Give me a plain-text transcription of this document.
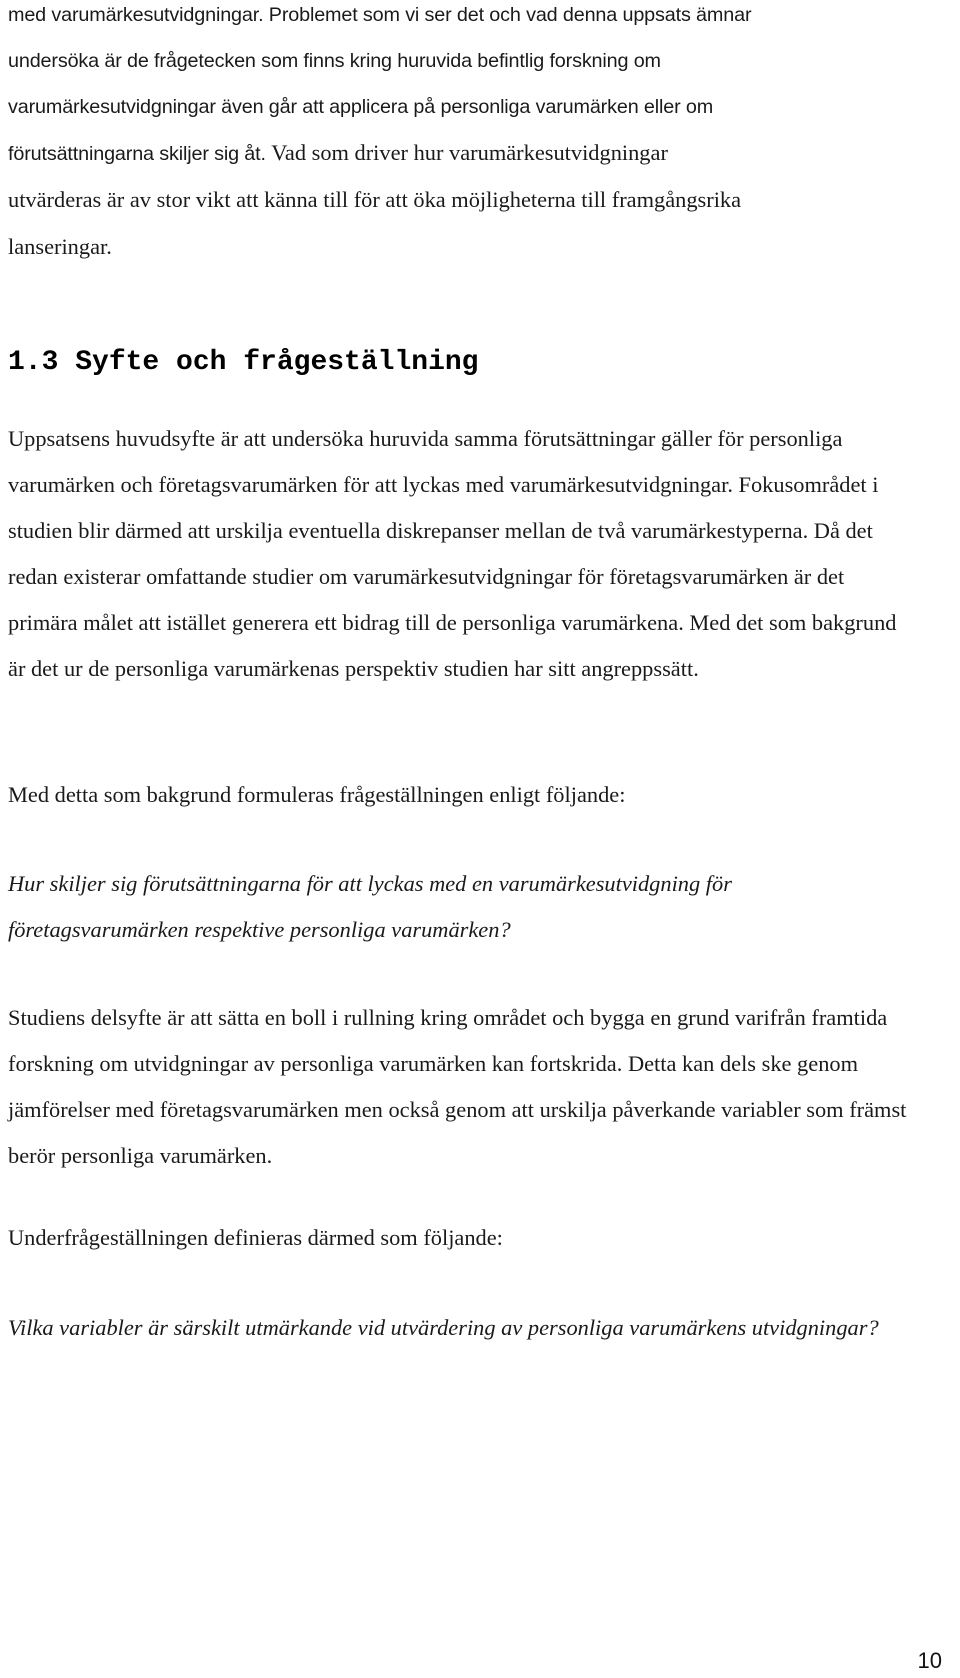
med varumärkesutvidgningar. Problemet som vi ser det och vad denna uppsats ämnar
undersöka är de frågetecken som finns kring huruvida befintlig forskning om
varumärkesutvidgningar även går att applicera på personliga varumärken eller om
förutsättningarna skiljer sig åt. Vad som driver hur varumärkesutvidgningar
utvärderas är av stor vikt att känna till för att öka möjligheterna till framgångsrika
lanseringar.

1.3 Syfte och frågeställning

Uppsatsens huvudsyfte är att undersöka huruvida samma förutsättningar gäller för personliga varumärken och företagsvarumärken för att lyckas med varumärkesutvidgningar. Fokusområdet i studien blir därmed att urskilja eventuella diskrepanser mellan de två varumärkestyperna. Då det redan existerar omfattande studier om varumärkesutvidgningar för företagsvarumärken är det primära målet att istället generera ett bidrag till de personliga varumärkena. Med det som bakgrund är det ur de personliga varumärkenas perspektiv studien har sitt angreppssätt.

Med detta som bakgrund formuleras frågeställningen enligt följande:

Hur skiljer sig förutsättningarna för att lyckas med en varumärkesutvidgning för företagsvarumärken respektive personliga varumärken?

Studiens delsyfte är att sätta en boll i rullning kring området och bygga en grund varifrån framtida forskning om utvidgningar av personliga varumärken kan fortskrida. Detta kan dels ske genom jämförelser med företagsvarumärken men också genom att urskilja påverkande variabler som främst berör personliga varumärken.

Underfrågeställningen definieras därmed som följande:

Vilka variabler är särskilt utmärkande vid utvärdering av personliga varumärkens utvidgningar?

10
